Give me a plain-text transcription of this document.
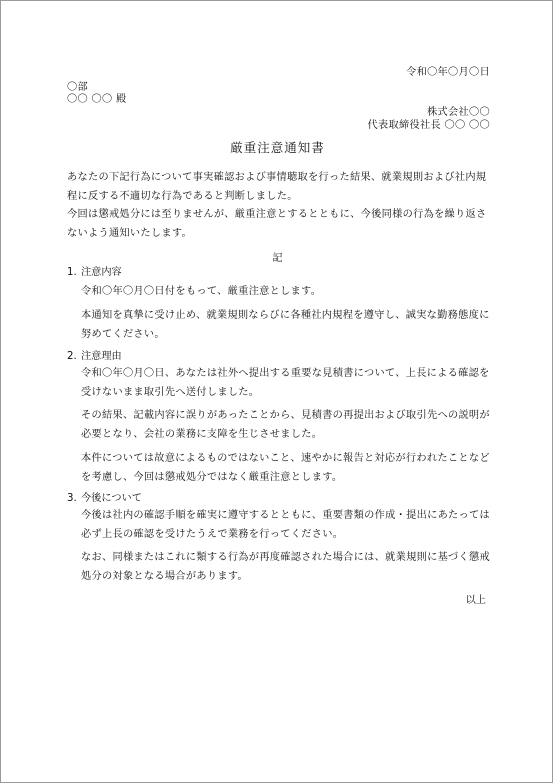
令和〇年〇月〇日
〇部
〇〇 〇〇 殿
株式会社〇〇
代表取締役社長 〇〇 〇〇
厳重注意通知書
あなたの下記行為について事実確認および事情聴取を行った結果、就業規則および社内規程に反する不適切な行為であると判断しました。
今回は懲戒処分には至りませんが、厳重注意とするとともに、今後同様の行為を繰り返さないよう通知いたします。
記
1. 注意内容
令和〇年〇月〇日付をもって、厳重注意とします。
本通知を真摯に受け止め、就業規則ならびに各種社内規程を遵守し、誠実な勤務態度に努めてください。
2. 注意理由
令和〇年〇月〇日、あなたは社外へ提出する重要な見積書について、上長による確認を受けないまま取引先へ送付しました。
その結果、記載内容に誤りがあったことから、見積書の再提出および取引先への説明が必要となり、会社の業務に支障を生じさせました。
本件については故意によるものではないこと、速やかに報告と対応が行われたことなどを考慮し、今回は懲戒処分ではなく厳重注意とします。
3. 今後について
今後は社内の確認手順を確実に遵守するとともに、重要書類の作成・提出にあたっては必ず上長の確認を受けたうえで業務を行ってください。
なお、同様またはこれに類する行為が再度確認された場合には、就業規則に基づく懲戒処分の対象となる場合があります。
以上
